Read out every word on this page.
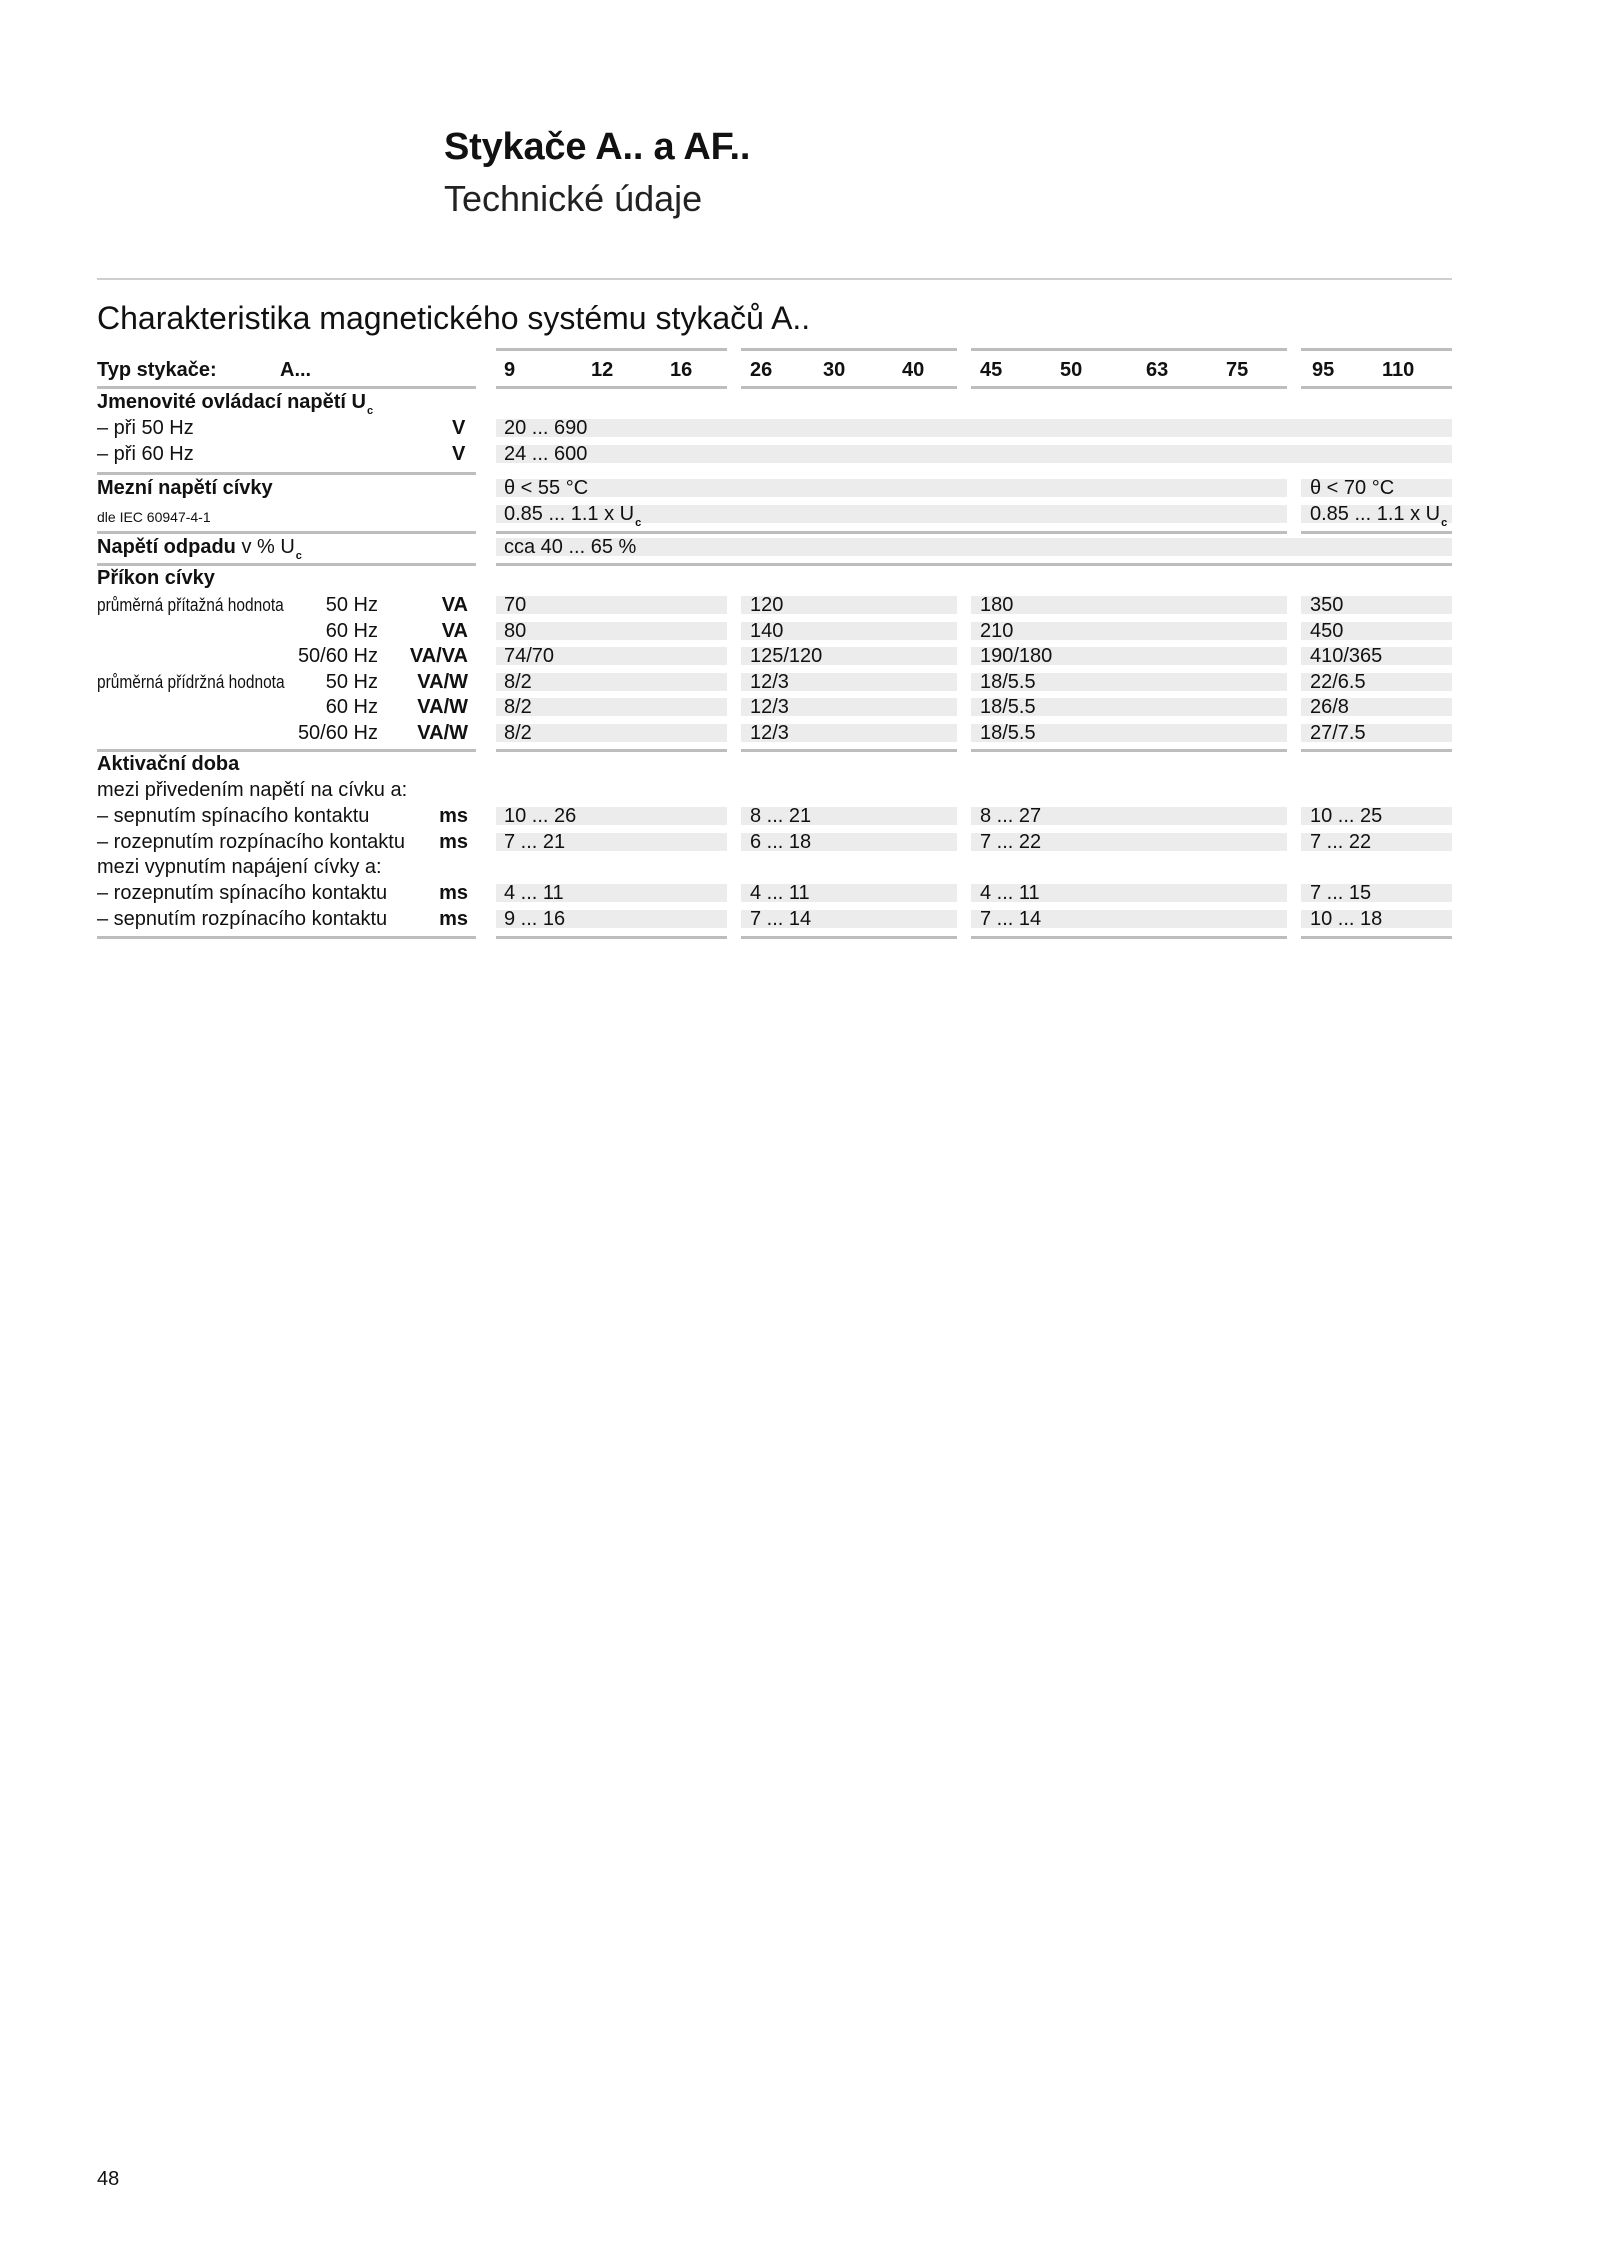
Stykače A.. a AF..
Technické údaje
Charakteristika magnetického systému stykačů A..
Typ stykače:	A...	9	12	16	26	30	40	45	50	63	75	95 110
Jmenovité ovládací napětí $U_c$
– při 50 Hz	V 20 ... 690
– při 60 Hz	V 24 ... 600
Mezní napětí cívky	θ < 55 °C	θ < 70 °C
dle IEC 60947-4-1	0.85 ... 1.1 x $U_c$	0.85 ... 1.1 x $U_c$
Napětí odpadu v % $U_c$	cca 40 ... 65 %
Příkon cívky
průměrná přítažná hodnota	50 Hz	VA 70	120	180	350
60 Hz	VA 80	140	210	450
50/60 Hz	VA/VA 74/70	125/120	190/180	410/365
průměrná přídržná hodnota	50 Hz	VA/W 8/2	12/3	18/5.5	22/6.5
60 Hz	VA/W 8/2	12/3	18/5.5	26/8
50/60 Hz	VA/W 8/2	12/3	18/5.5	27/7.5
Aktivační doba
mezi přivedením napětí na cívku a:
– sepnutím spínacího kontaktu	ms 10 ... 26	8 ... 21	8 ... 27	10 ... 25
– rozepnutím rozpínacího kontaktu	ms 7 ... 21	6 ... 18	7 ... 22	7 ... 22
mezi vypnutím napájení cívky a:
– rozepnutím spínacího kontaktu	ms 4 ... 11	4 ... 11	4 ... 11	7 ... 15
– sepnutím rozpínacího kontaktu	ms 9 ... 16	7 ... 14	7 ... 14	10 ... 18
48
